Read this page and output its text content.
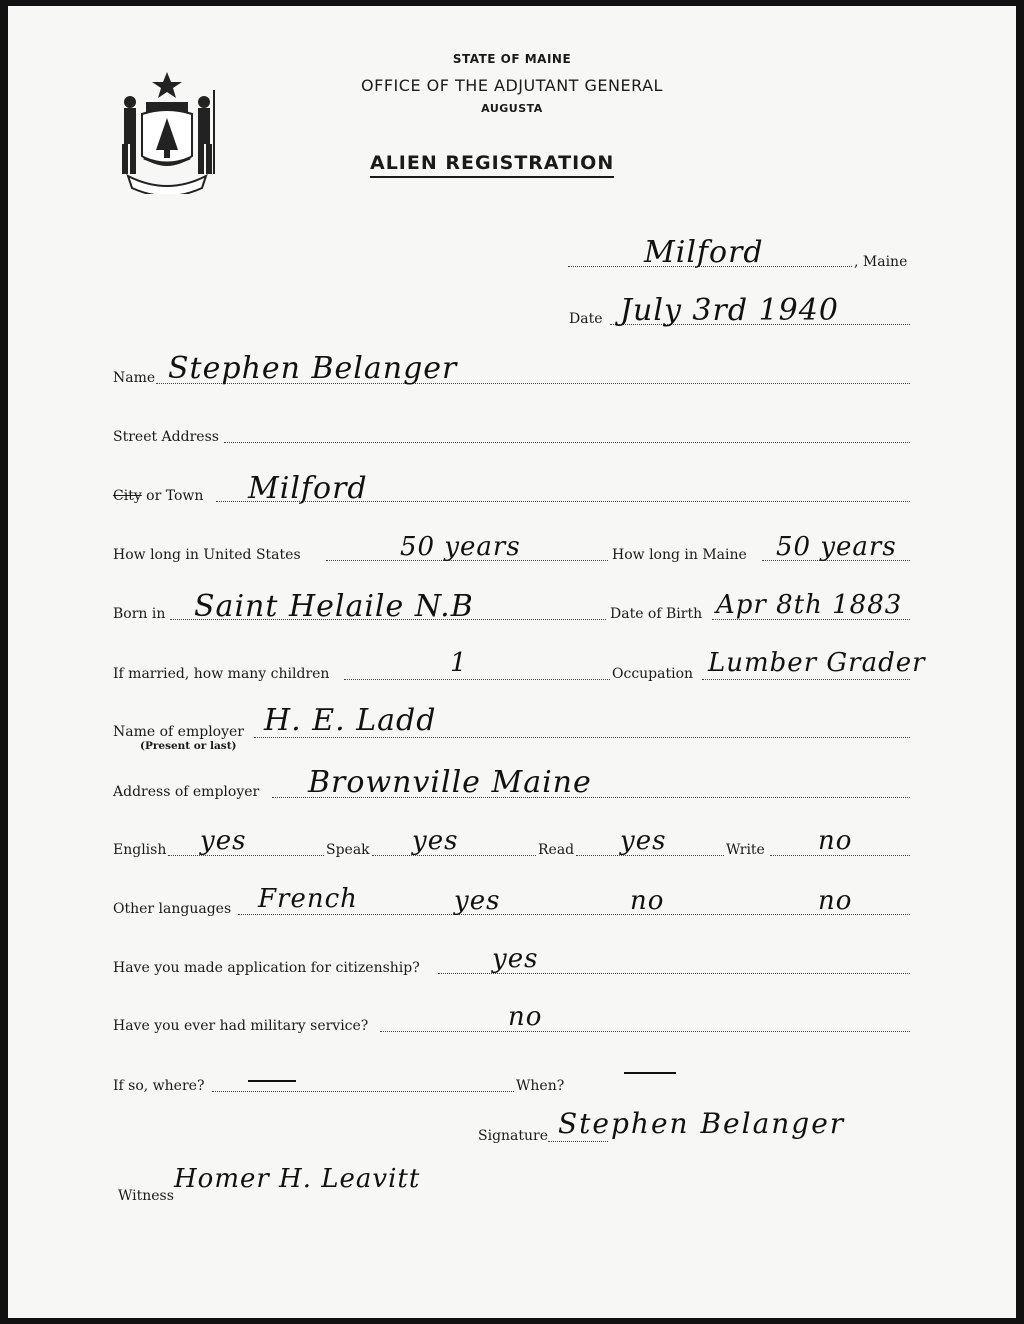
STATE OF MAINE
OFFICE OF THE ADJUTANT GENERAL
AUGUSTA
ALIEN REGISTRATION
Milford	, Maine
Date July 3rd 1940
Name Stephen Belanger
Street Address
City or Town Milford
How long in United States	50 years	How long in Maine 50 years
Born in Saint Helaile N.B	Date of Birth Apr 8th 1883
If married, how many children	1	Occupation Lumber Grader
Name of employer
(Present or last)
H. E. Ladd
Address of employer Brownville Maine
English yes	Speak yes	Read yes	Write no
Other languages French	yes	no	no
Have you made application for citizenship?	yes
Have you ever had military service?	no
If so, where?	When?
Signature Stephen Belanger
Witness
Homer H. Leavitt
